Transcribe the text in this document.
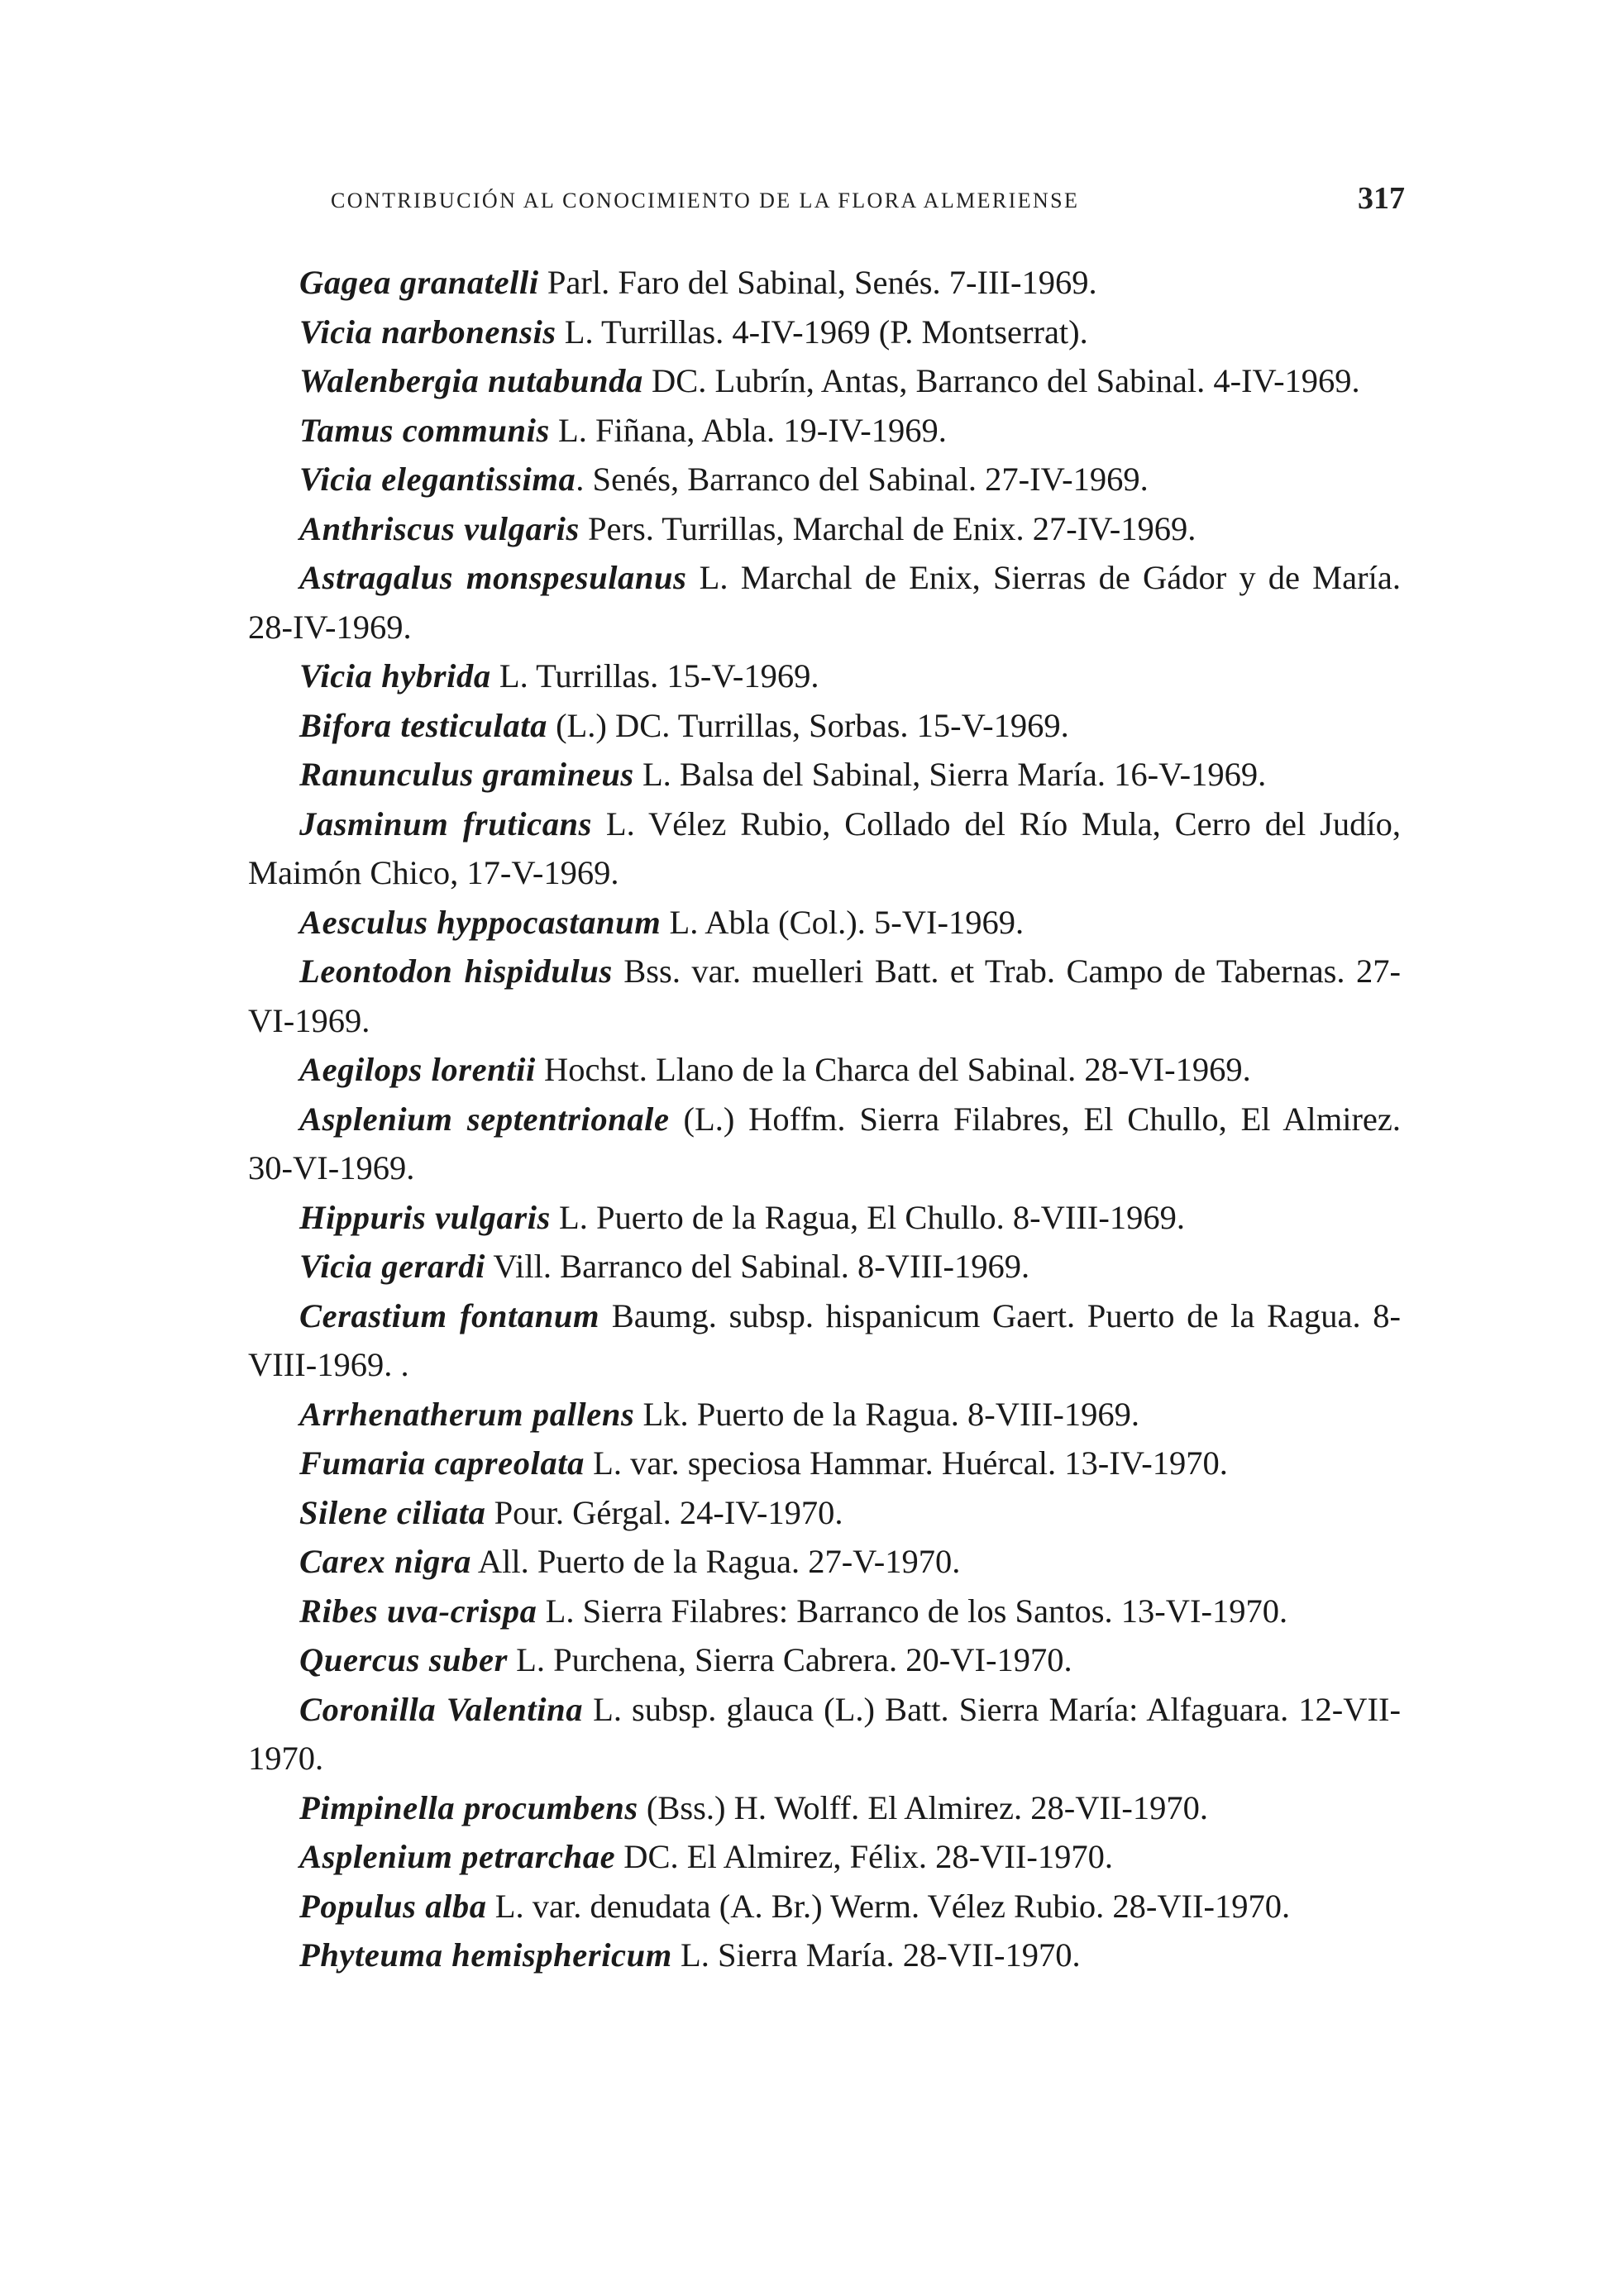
CONTRIBUCIÓN AL CONOCIMIENTO DE LA FLORA ALMERIENSE	317

Gagea granatelli Parl. Faro del Sabinal, Senés. 7-III-1969.

Vicia narbonensis L. Turrillas. 4-IV-1969 (P. Montserrat).

Walenbergia nutabunda DC. Lubrín, Antas, Barranco del Sabinal. 4-IV-1969.

Tamus communis L. Fiñana, Abla. 19-IV-1969.

Vicia elegantissima. Senés, Barranco del Sabinal. 27-IV-1969.

Anthriscus vulgaris Pers. Turrillas, Marchal de Enix. 27-IV-1969.

Astragalus monspesulanus L. Marchal de Enix, Sierras de Gádor y de María. 28-IV-1969.

Vicia hybrida L. Turrillas. 15-V-1969.

Bifora testiculata (L.) DC. Turrillas, Sorbas. 15-V-1969.

Ranunculus gramineus L. Balsa del Sabinal, Sierra María. 16-V-1969.

Jasminum fruticans L. Vélez Rubio, Collado del Río Mula, Cerro del Judío, Maimón Chico, 17-V-1969.

Aesculus hyppocastanum L. Abla (Col.). 5-VI-1969.

Leontodon hispidulus Bss. var. muelleri Batt. et Trab. Campo de Tabernas. 27-VI-1969.

Aegilops lorentii Hochst. Llano de la Charca del Sabinal. 28-VI-1969.

Asplenium septentrionale (L.) Hoffm. Sierra Filabres, El Chullo, El Almirez. 30-VI-1969.

Hippuris vulgaris L. Puerto de la Ragua, El Chullo. 8-VIII-1969.

Vicia gerardi Vill. Barranco del Sabinal. 8-VIII-1969.

Cerastium fontanum Baumg. subsp. hispanicum Gaert. Puerto de la Ragua. 8-VIII-1969. .

Arrhenatherum pallens Lk. Puerto de la Ragua. 8-VIII-1969.

Fumaria capreolata L. var. speciosa Hammar. Huércal. 13-IV-1970.

Silene ciliata Pour. Gérgal. 24-IV-1970.

Carex nigra All. Puerto de la Ragua. 27-V-1970.

Ribes uva-crispa L. Sierra Filabres: Barranco de los Santos. 13-VI-1970.

Quercus suber L. Purchena, Sierra Cabrera. 20-VI-1970.

Coronilla Valentina L. subsp. glauca (L.) Batt. Sierra María: Alfaguara. 12-VII-1970.

Pimpinella procumbens (Bss.) H. Wolff. El Almirez. 28-VII-1970.

Asplenium petrarchae DC. El Almirez, Félix. 28-VII-1970.

Populus alba L. var. denudata (A. Br.) Werm. Vélez Rubio. 28-VII-1970.

Phyteuma hemisphericum L. Sierra María. 28-VII-1970.
